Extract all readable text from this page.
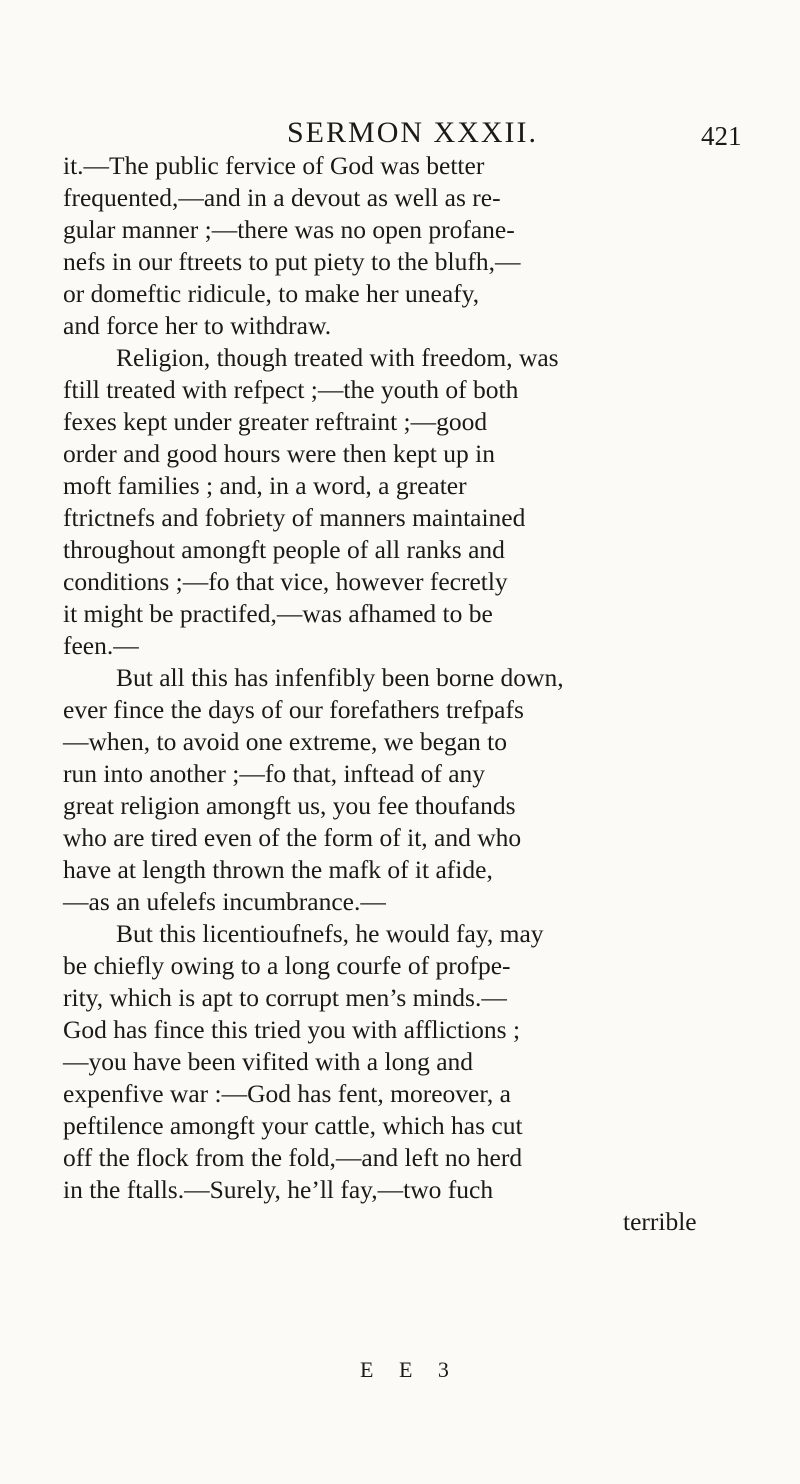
SERMON XXXII.	421
it.—The public fervice of God was better
frequented,—and in a devout as well as re-
gular manner ;—there was no open profane-
nefs in our ftreets to put piety to the blufh,—
or domeftic ridicule, to make her uneafy,
and force her to withdraw.
Religion, though treated with freedom, was
ftill treated with refpect ;—the youth of both
fexes kept under greater reftraint ;—good
order and good hours were then kept up in
moft families ; and, in a word, a greater
ftrictnefs and fobriety of manners maintained
throughout amongft people of all ranks and
conditions ;—fo that vice, however fecretly
it might be practifed,—was afhamed to be
feen.—
But all this has infenfibly been borne down,
ever fince the days of our forefathers trefpafs
—when, to avoid one extreme, we began to
run into another ;—fo that, inftead of any
great religion amongft us, you fee thoufands
who are tired even of the form of it, and who
have at length thrown the mafk of it afide,
—as an ufelefs incumbrance.—
But this licentioufnefs, he would fay, may
be chiefly owing to a long courfe of profpe-
rity, which is apt to corrupt men’s minds.—
God has fince this tried you with afflictions ;
—you have been vifited with a long and
expenfive war :—God has fent, moreover, a
peftilence amongft your cattle, which has cut
off the flock from the fold,—and left no herd
in the ftalls.—Surely, he’ll fay,—two fuch
terrible
E E 3
